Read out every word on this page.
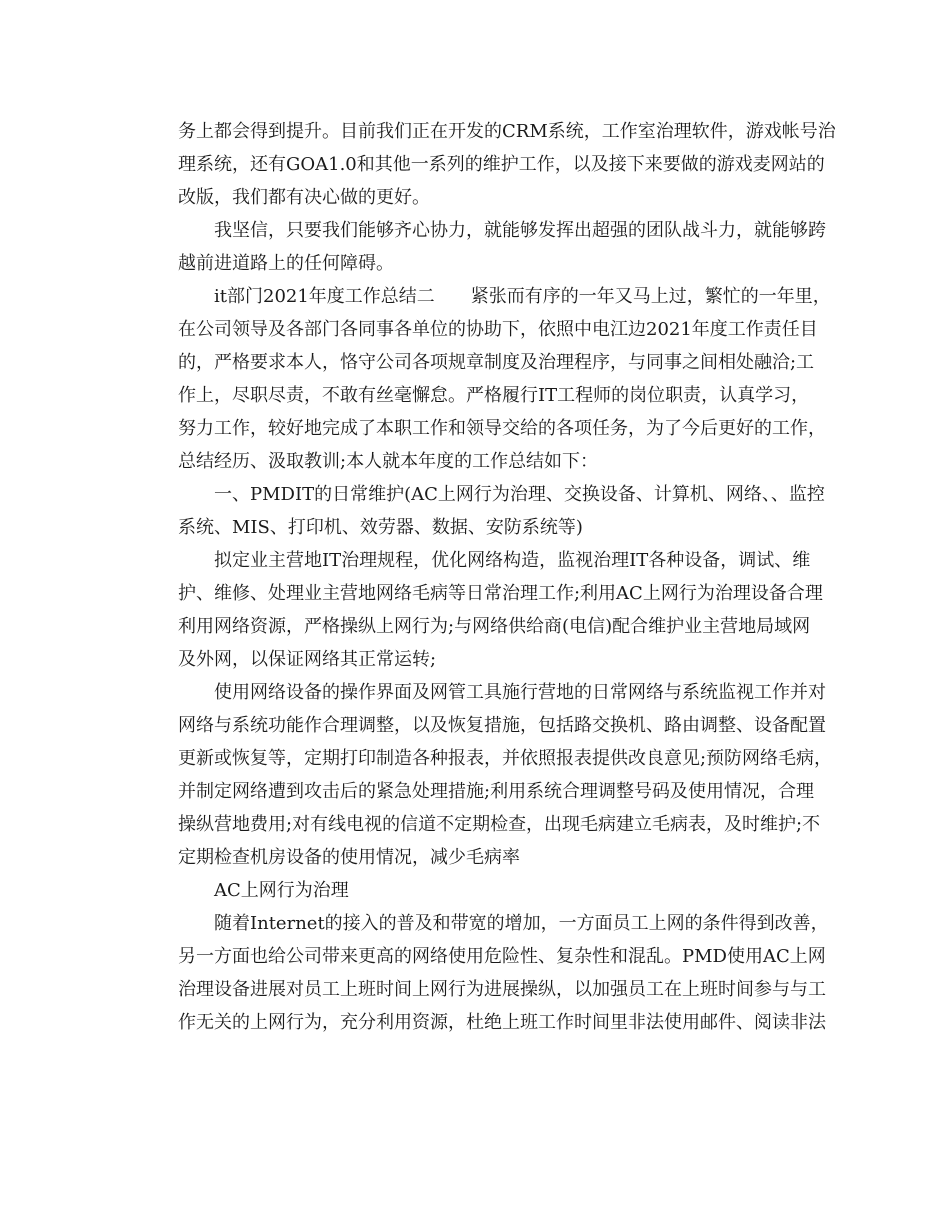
务上都会得到提升。目前我们正在开发的CRM系统，工作室治理软件，游戏帐号治
理系统，还有GOA1.0和其他一系列的维护工作，以及接下来要做的游戏麦网站的
改版，我们都有决心做的更好。
我坚信，只要我们能够齐心协力，就能够发挥出超强的团队战斗力，就能够跨
越前进道路上的任何障碍。
it部门2021年度工作总结二　　紧张而有序的一年又马上过，繁忙的一年里，
在公司领导及各部门各同事各单位的协助下，依照中电江边2021年度工作责任目
的，严格要求本人，恪守公司各项规章制度及治理程序，与同事之间相处融洽;工
作上，尽职尽责，不敢有丝毫懈怠。严格履行IT工程师的岗位职责，认真学习，
努力工作，较好地完成了本职工作和领导交给的各项任务，为了今后更好的工作，
总结经历、汲取教训;本人就本年度的工作总结如下：
一、PMDIT的日常维护(AC上网行为治理、交换设备、计算机、网络、、监控
系统、MIS、打印机、效劳器、数据、安防系统等)
拟定业主营地IT治理规程，优化网络构造，监视治理IT各种设备，调试、维
护、维修、处理业主营地网络毛病等日常治理工作;利用AC上网行为治理设备合理
利用网络资源，严格操纵上网行为;与网络供给商(电信)配合维护业主营地局域网
及外网，以保证网络其正常运转;
使用网络设备的操作界面及网管工具施行营地的日常网络与系统监视工作并对
网络与系统功能作合理调整，以及恢复措施，包括路交换机、路由调整、设备配置
更新或恢复等，定期打印制造各种报表，并依照报表提供改良意见;预防网络毛病，
并制定网络遭到攻击后的紧急处理措施;利用系统合理调整号码及使用情况，合理
操纵营地费用;对有线电视的信道不定期检查，出现毛病建立毛病表，及时维护;不
定期检查机房设备的使用情况，减少毛病率
AC上网行为治理
随着Internet的接入的普及和带宽的增加，一方面员工上网的条件得到改善，
另一方面也给公司带来更高的网络使用危险性、复杂性和混乱。PMD使用AC上网
治理设备进展对员工上班时间上网行为进展操纵，以加强员工在上班时间参与与工
作无关的上网行为，充分利用资源，杜绝上班工作时间里非法使用邮件、阅读非法
